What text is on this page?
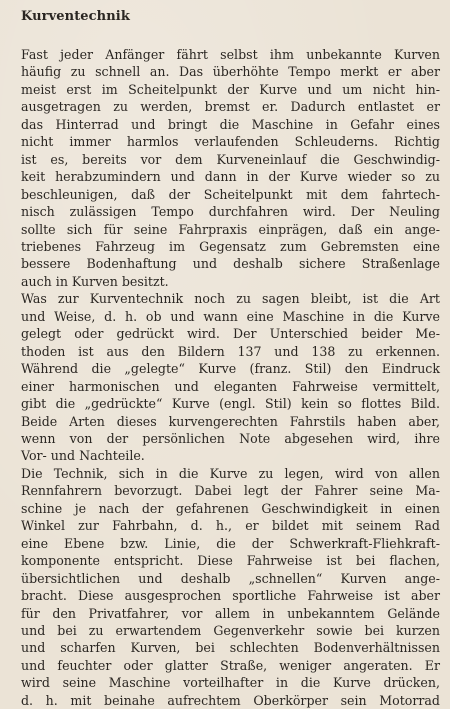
Kurventechnik
Fast jeder Anfänger fährt selbst ihm unbekannte Kurven
häufig zu schnell an. Das überhöhte Tempo merkt er aber
meist erst im Scheitelpunkt der Kurve und um nicht hin-
ausgetragen zu werden, bremst er. Dadurch entlastet er
das Hinterrad und bringt die Maschine in Gefahr eines
nicht immer harmlos verlaufenden Schleuderns. Richtig
ist es, bereits vor dem Kurveneinlauf die Geschwindig-
keit herabzumindern und dann in der Kurve wieder so zu
beschleunigen, daß der Scheitelpunkt mit dem fahrtech-
nisch zulässigen Tempo durchfahren wird. Der Neuling
sollte sich für seine Fahrpraxis einprägen, daß ein ange-
triebenes Fahrzeug im Gegensatz zum Gebremsten eine
bessere Bodenhaftung und deshalb sichere Straßenlage
auch in Kurven besitzt.
Was zur Kurventechnik noch zu sagen bleibt, ist die Art
und Weise, d. h. ob und wann eine Maschine in die Kurve
gelegt oder gedrückt wird. Der Unterschied beider Me-
thoden ist aus den Bildern 137 und 138 zu erkennen.
Während die „gelegte“ Kurve (franz. Stil) den Eindruck
einer harmonischen und eleganten Fahrweise vermittelt,
gibt die „gedrückte“ Kurve (engl. Stil) kein so flottes Bild.
Beide Arten dieses kurvengerechten Fahrstils haben aber,
wenn von der persönlichen Note abgesehen wird, ihre
Vor- und Nachteile.
Die Technik, sich in die Kurve zu legen, wird von allen
Rennfahrern bevorzugt. Dabei legt der Fahrer seine Ma-
schine je nach der gefahrenen Geschwindigkeit in einen
Winkel zur Fahrbahn, d. h., er bildet mit seinem Rad
eine Ebene bzw. Linie, die der Schwerkraft-Fliehkraft-
komponente entspricht. Diese Fahrweise ist bei flachen,
übersichtlichen und deshalb „schnellen“ Kurven ange-
bracht. Diese ausgesprochen sportliche Fahrweise ist aber
für den Privatfahrer, vor allem in unbekanntem Gelände
und bei zu erwartendem Gegenverkehr sowie bei kurzen
und scharfen Kurven, bei schlechten Bodenverhältnissen
und feuchter oder glatter Straße, weniger angeraten. Er
wird seine Maschine vorteilhafter in die Kurve drücken,
d. h. mit beinahe aufrechtem Oberkörper sein Motorrad
